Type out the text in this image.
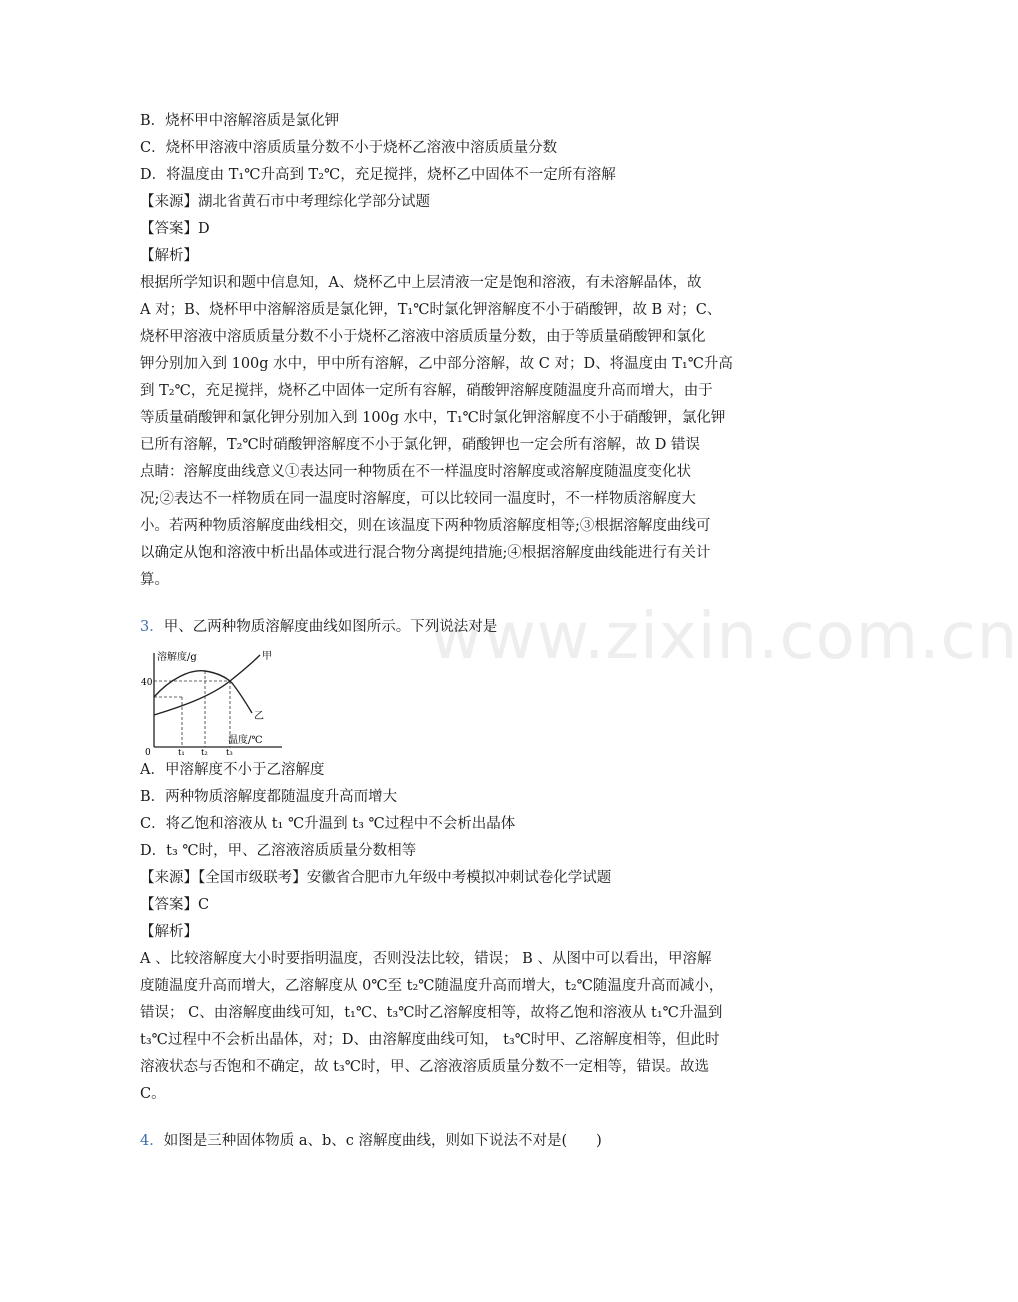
www.zixin.com.cn
B．烧杯甲中溶解溶质是氯化钾
C．烧杯甲溶液中溶质质量分数不小于烧杯乙溶液中溶质质量分数
D．将温度由 T₁℃升高到 T₂℃，充足搅拌，烧杯乙中固体不一定所有溶解
【来源】湖北省黄石市中考理综化学部分试题
【答案】D
【解析】
根据所学知识和题中信息知，A、烧杯乙中上层清液一定是饱和溶液，有未溶解晶体，故
A 对；B、烧杯甲中溶解溶质是氯化钾，T₁℃时氯化钾溶解度不小于硝酸钾，故 B 对；C、
烧杯甲溶液中溶质质量分数不小于烧杯乙溶液中溶质质量分数，由于等质量硝酸钾和氯化
钾分别加入到 100g 水中，甲中所有溶解，乙中部分溶解，故 C 对；D、将温度由 T₁℃升高
到 T₂℃，充足搅拌，烧杯乙中固体一定所有容解，硝酸钾溶解度随温度升高而增大，由于
等质量硝酸钾和氯化钾分别加入到 100g 水中，T₁℃时氯化钾溶解度不小于硝酸钾，氯化钾
已所有溶解，T₂℃时硝酸钾溶解度不小于氯化钾，硝酸钾也一定会所有溶解，故 D 错误
点睛：溶解度曲线意义①表达同一种物质在不一样温度时溶解度或溶解度随温度变化状
况;②表达不一样物质在同一温度时溶解度，可以比较同一温度时，不一样物质溶解度大
小。若两种物质溶解度曲线相交，则在该温度下两种物质溶解度相等;③根据溶解度曲线可
以确定从饱和溶液中析出晶体或进行混合物分离提纯措施;④根据溶解度曲线能进行有关计
算。
3．甲、乙两种物质溶解度曲线如图所示。下列说法对是
溶解度/g
温度/℃
40
0	t₁ t₂ t₃
甲
乙
A．甲溶解度不小于乙溶解度
B．两种物质溶解度都随温度升高而增大
C．将乙饱和溶液从 t₁ ℃升温到 t₃ ℃过程中不会析出晶体
D．t₃ ℃时，甲、乙溶液溶质质量分数相等
【来源】【全国市级联考】安徽省合肥市九年级中考模拟冲刺试卷化学试题
【答案】C
【解析】
A 、比较溶解度大小时要指明温度，否则没法比较，错误； B 、从图中可以看出，甲溶解
度随温度升高而增大，乙溶解度从 0℃至 t₂℃随温度升高而增大，t₂℃随温度升高而减小，
错误； C、由溶解度曲线可知，t₁℃、t₃℃时乙溶解度相等，故将乙饱和溶液从 t₁℃升温到
t₃℃过程中不会析出晶体，对；D、由溶解度曲线可知， t₃℃时甲、乙溶解度相等，但此时
溶液状态与否饱和不确定，故 t₃℃时，甲、乙溶液溶质质量分数不一定相等，错误。故选
C。
4．如图是三种固体物质 a、b、c 溶解度曲线，则如下说法不对是(　　)
